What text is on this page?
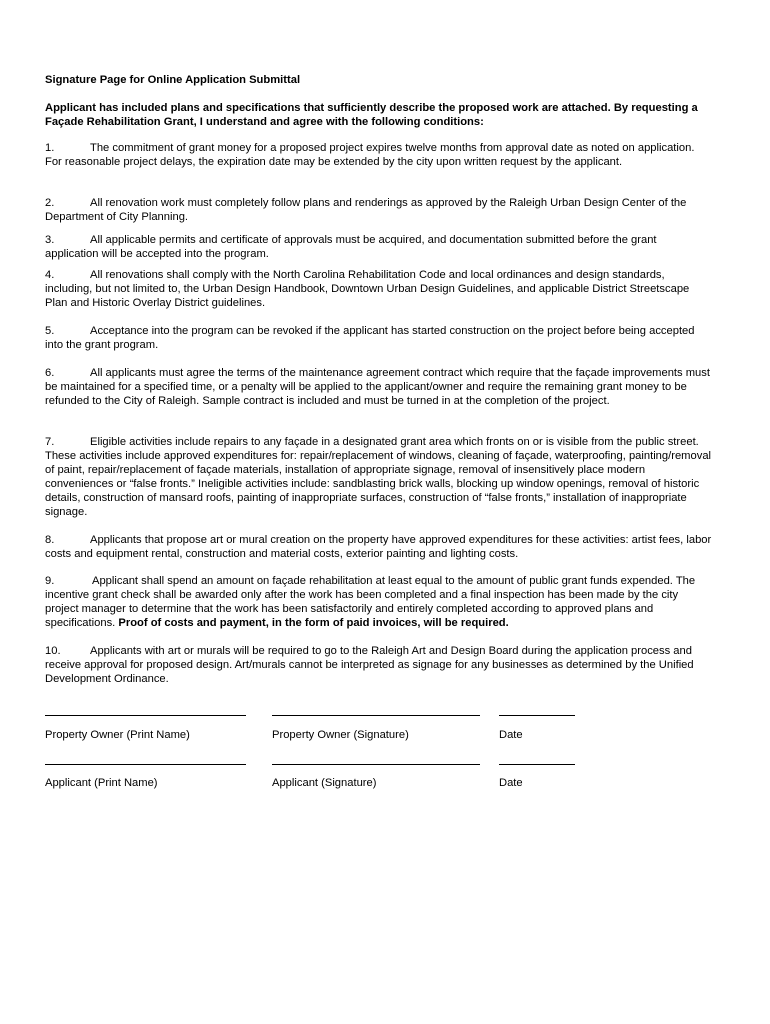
Signature Page for Online Application Submittal

Applicant has included plans and specifications that sufficiently describe the proposed work are attached. By requesting a Façade Rehabilitation Grant, I understand and agree with the following conditions:

1.	The commitment of grant money for a proposed project expires twelve months from approval date as noted on application. For reasonable project delays, the expiration date may be extended by the city upon written request by the applicant.

2.	All renovation work must completely follow plans and renderings as approved by the Raleigh Urban Design Center of the Department of City Planning.

3.	All applicable permits and certificate of approvals must be acquired, and documentation submitted before the grant application will be accepted into the program.

4.	All renovations shall comply with the North Carolina Rehabilitation Code and local ordinances and design standards, including, but not limited to, the Urban Design Handbook, Downtown Urban Design Guidelines, and applicable District Streetscape Plan and Historic Overlay District guidelines.

5.	Acceptance into the program can be revoked if the applicant has started construction on the project before being accepted into the grant program.

6.	All applicants must agree the terms of the maintenance agreement contract which require that the façade improvements must be maintained for a specified time, or a penalty will be applied to the applicant/owner and require the remaining grant money to be refunded to the City of Raleigh. Sample contract is included and must be turned in at the completion of the project.

7.	Eligible activities include repairs to any façade in a designated grant area which fronts on or is visible from the public street. These activities include approved expenditures for: repair/replacement of windows, cleaning of façade, waterproofing, painting/removal of paint, repair/replacement of façade materials, installation of appropriate signage, removal of insensitively place modern conveniences or “false fronts.” Ineligible activities include: sandblasting brick walls, blocking up window openings, removal of historic details, construction of mansard roofs, painting of inappropriate surfaces, construction of “false fronts,” installation of inappropriate signage.

8.	Applicants that propose art or mural creation on the property have approved expenditures for these activities: artist fees, labor costs and equipment rental, construction and material costs, exterior painting and lighting costs.

9.	Applicant shall spend an amount on façade rehabilitation at least equal to the amount of public grant funds expended. The incentive grant check shall be awarded only after the work has been completed and a final inspection has been made by the city project manager to determine that the work has been satisfactorily and entirely completed according to approved plans and specifications. Proof of costs and payment, in the form of paid invoices, will be required.

10.	Applicants with art or murals will be required to go to the Raleigh Art and Design Board during the application process and receive approval for proposed design. Art/murals cannot be interpreted as signage for any businesses as determined by the Unified Development Ordinance.

Property Owner (Print Name)	Property Owner (Signature)	Date
Applicant (Print Name)	Applicant (Signature)	Date
